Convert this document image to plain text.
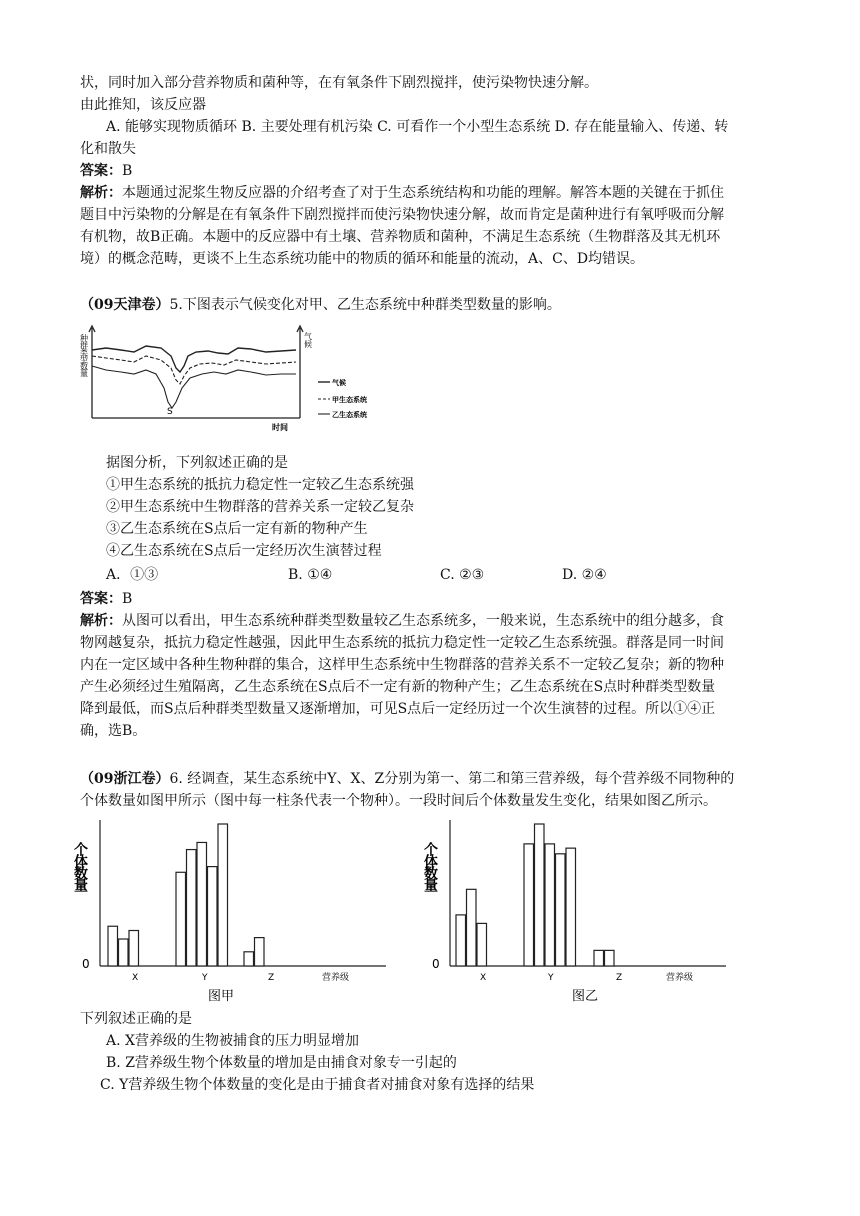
状，同时加入部分营养物质和菌种等，在有氧条件下剧烈搅拌，使污染物快速分解。
由此推知，该反应器
A. 能够实现物质循环 B. 主要处理有机污染 C. 可看作一个小型生态系统 D. 存在能量输入、传递、转
化和散失
答案：B
解析：本题通过泥浆生物反应器的介绍考查了对于生态系统结构和功能的理解。解答本题的关键在于抓住
题目中污染物的分解是在有氧条件下剧烈搅拌而使污染物快速分解，故而肯定是菌种进行有氧呼吸而分解
有机物，故B正确。本题中的反应器中有土壤、营养物质和菌种，不满足生态系统（生物群落及其无机环
境）的概念范畴，更谈不上生态系统功能中的物质的循环和能量的流动，A、C、D均错误。
（09天津卷）5.下图表示气候变化对甲、乙生态系统中种群类型数量的影响。
种群类型数量	气候
时间
S
气候
甲生态系统
乙生态系统
据图分析，下列叙述正确的是
①甲生态系统的抵抗力稳定性一定较乙生态系统强
②甲生态系统中生物群落的营养关系一定较乙复杂
③乙生态系统在S点后一定有新的物种产生
④乙生态系统在S点后一定经历次生演替过程
A．①③	B. ①④	C. ②③	D. ②④
答案：B
解析：从图可以看出，甲生态系统种群类型数量较乙生态系统多，一般来说，生态系统中的组分越多，食
物网越复杂，抵抗力稳定性越强，因此甲生态系统的抵抗力稳定性一定较乙生态系统强。群落是同一时间
内在一定区域中各种生物种群的集合，这样甲生态系统中生物群落的营养关系不一定较乙复杂；新的物种
产生必须经过生殖隔离，乙生态系统在S点后不一定有新的物种产生；乙生态系统在S点时种群类型数量
降到最低，而S点后种群类型数量又逐渐增加，可见S点后一定经历过一个次生演替的过程。所以①④正
确，选B。
（09浙江卷）6. 经调查，某生态系统中Y、X、Z分别为第一、第二和第三营养级，每个营养级不同物种的
个体数量如图甲所示（图中每一柱条代表一个物种）。一段时间后个体数量发生变化，结果如图乙所示。
个体数量
0
X	Y	Z	营养级
图甲
个体数量
0
X	Y	Z	营养级
图乙
下列叙述正确的是
A. X营养级的生物被捕食的压力明显增加
B. Z营养级生物个体数量的增加是由捕食对象专一引起的
C. Y营养级生物个体数量的变化是由于捕食者对捕食对象有选择的结果
